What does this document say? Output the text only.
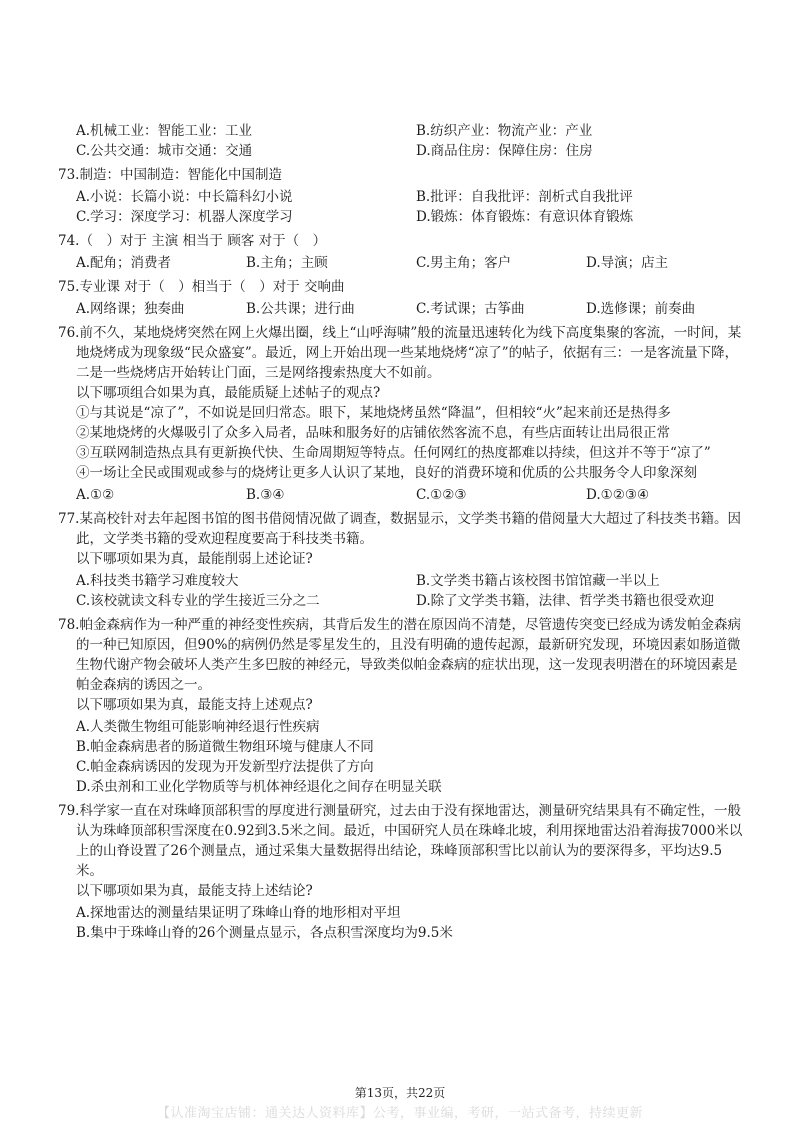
A.机械工业：智能工业：工业	B.纺织产业：物流产业：产业
C.公共交通：城市交通：交通	D.商品住房：保障住房：住房

73.制造：中国制造：智能化中国制造

A.小说：长篇小说：中长篇科幻小说	B.批评：自我批评：剖析式自我批评
C.学习：深度学习：机器人深度学习	D.锻炼：体育锻炼：有意识体育锻炼

74.（　）对于 主演 相当于 顾客 对于（　）

A.配角；消费者	B.主角；主顾	C.男主角；客户	D.导演；店主

75.专业课 对于（　）相当于（　）对于 交响曲

A.网络课；独奏曲	B.公共课；进行曲	C.考试课；古筝曲	D.选修课；前奏曲

76.前不久，某地烧烤突然在网上火爆出圈，线上“山呼海啸”般的流量迅速转化为线下高度集聚的客流，一时间，某地烧烤成为现象级“民众盛宴”。最近，网上开始出现一些某地烧烤“凉了”的帖子，依据有三：一是客流量下降，二是一些烧烤店开始转让门面，三是网络搜索热度大不如前。

以下哪项组合如果为真，最能质疑上述帖子的观点?

①与其说是“凉了”，不如说是回归常态。眼下，某地烧烤虽然“降温”，但相较“火”起来前还是热得多

②某地烧烤的火爆吸引了众多入局者，品味和服务好的店铺依然客流不息，有些店面转让出局很正常

③互联网制造热点具有更新换代快、生命周期短等特点。任何网红的热度都难以持续，但这并不等于“凉了”

④一场让全民或围观或参与的烧烤让更多人认识了某地，良好的消费环境和优质的公共服务令人印象深刻

A.①②	B.③④	C.①②③	D.①②③④

77.某高校针对去年起图书馆的图书借阅情况做了调查，数据显示，文学类书籍的借阅量大大超过了科技类书籍。因此，文学类书籍的受欢迎程度要高于科技类书籍。

以下哪项如果为真，最能削弱上述论证?

A.科技类书籍学习难度较大	B.文学类书籍占该校图书馆馆藏一半以上
C.该校就读文科专业的学生接近三分之二	D.除了文学类书籍，法律、哲学类书籍也很受欢迎

78.帕金森病作为一种严重的神经变性疾病，其背后发生的潜在原因尚不清楚，尽管遗传突变已经成为诱发帕金森病的一种已知原因，但90%的病例仍然是零星发生的，且没有明确的遗传起源，最新研究发现，环境因素如肠道微生物代谢产物会破坏人类产生多巴胺的神经元，导致类似帕金森病的症状出现，这一发现表明潜在的环境因素是帕金森病的诱因之一。

以下哪项如果为真，最能支持上述观点?

A.人类微生物组可能影响神经退行性疾病
B.帕金森病患者的肠道微生物组环境与健康人不同
C.帕金森病诱因的发现为开发新型疗法提供了方向
D.杀虫剂和工业化学物质等与机体神经退化之间存在明显关联

79.科学家一直在对珠峰顶部积雪的厚度进行测量研究，过去由于没有探地雷达，测量研究结果具有不确定性，一般认为珠峰顶部积雪深度在0.92到3.5米之间。最近，中国研究人员在珠峰北坡，利用探地雷达沿着海拔7000米以上的山脊设置了26个测量点，通过采集大量数据得出结论，珠峰顶部积雪比以前认为的要深得多，平均达9.5米。

以下哪项如果为真，最能支持上述结论?

A.探地雷达的测量结果证明了珠峰山脊的地形相对平坦
B.集中于珠峰山脊的26个测量点显示，各点积雪深度均为9.5米
第13页，共22页
【认准淘宝店铺：通关达人资料库】公考，事业编，考研，一站式备考，持续更新
